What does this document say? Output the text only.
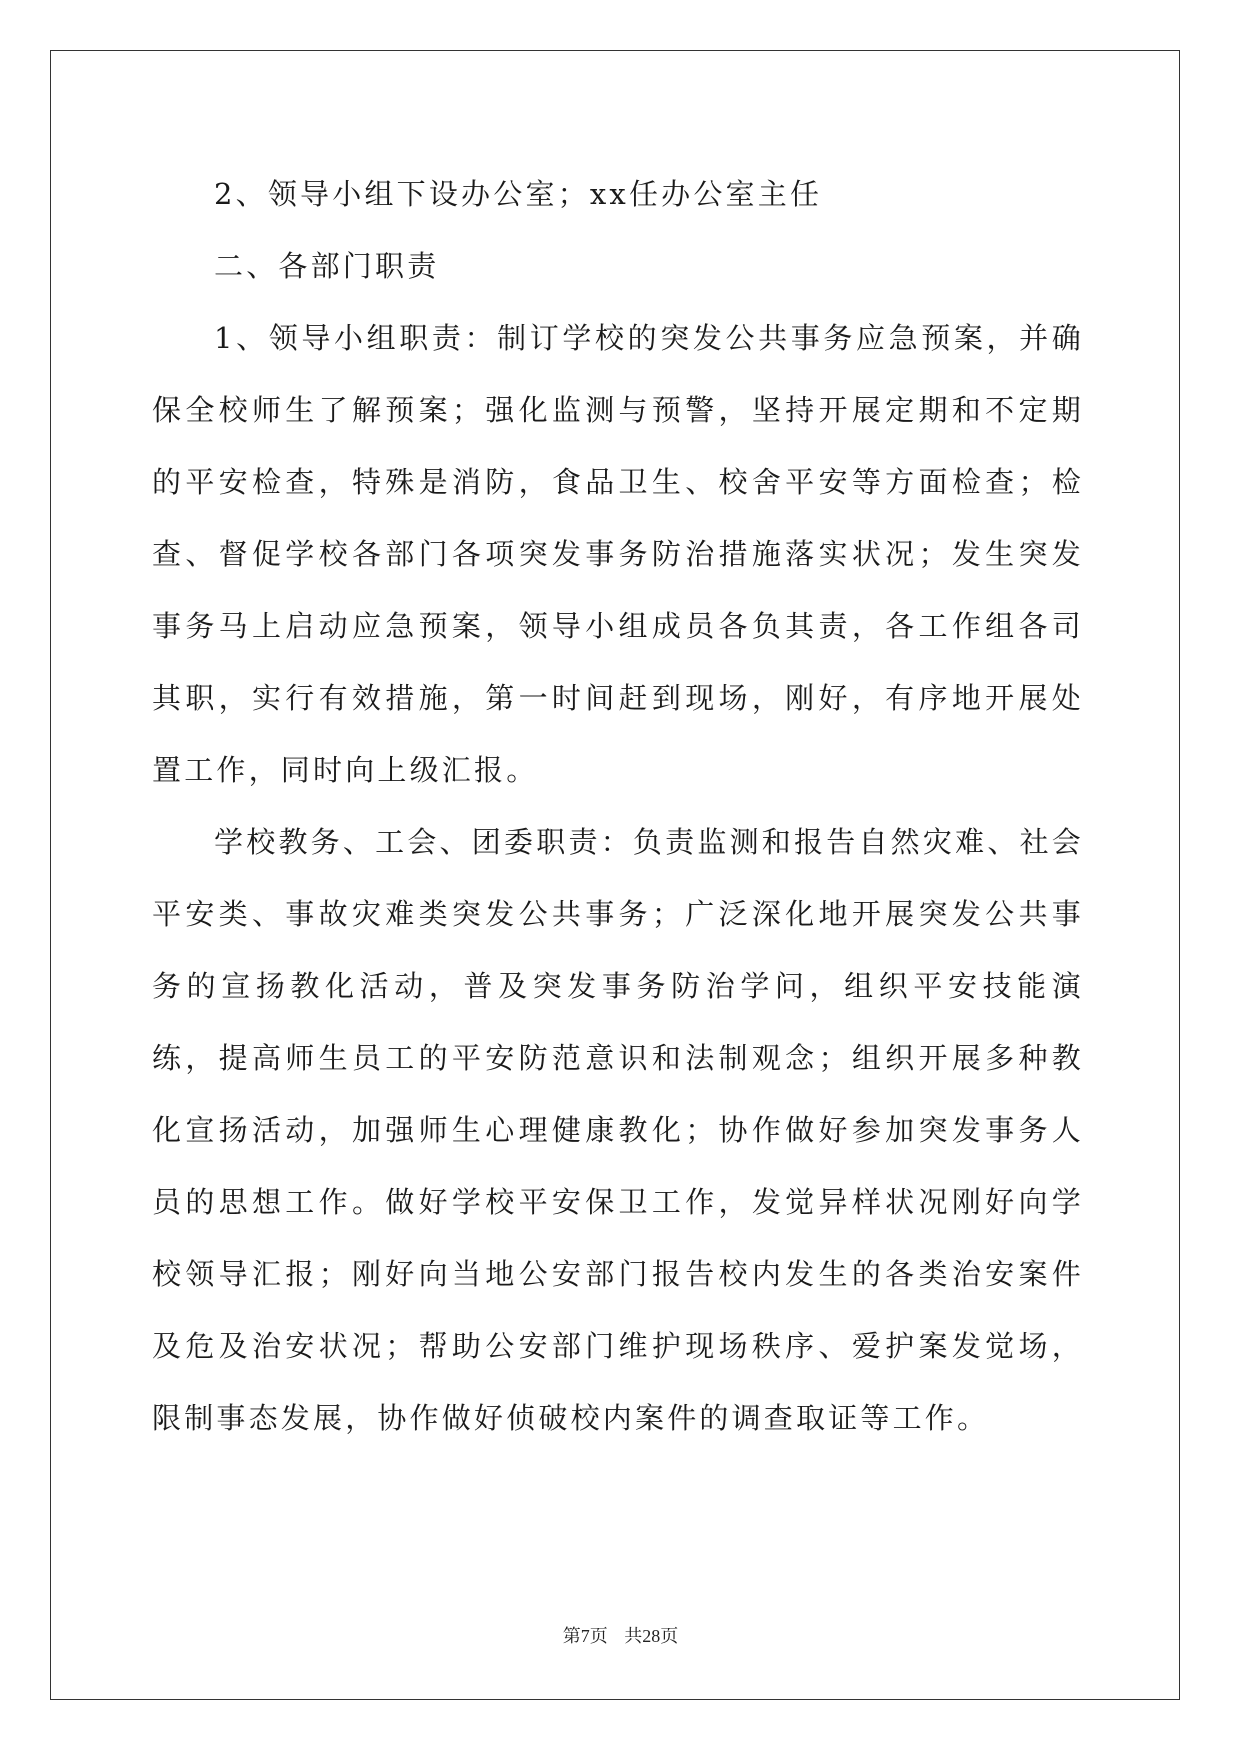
2、领导小组下设办公室；xx任办公室主任

二、各部门职责

1、领导小组职责：制订学校的突发公共事务应急预案，并确保全校师生了解预案；强化监测与预警，坚持开展定期和不定期的平安检查，特殊是消防，食品卫生、校舍平安等方面检查；检查、督促学校各部门各项突发事务防治措施落实状况；发生突发事务马上启动应急预案，领导小组成员各负其责，各工作组各司其职，实行有效措施，第一时间赶到现场，刚好，有序地开展处置工作，同时向上级汇报。

学校教务、工会、团委职责：负责监测和报告自然灾难、社会平安类、事故灾难类突发公共事务；广泛深化地开展突发公共事务的宣扬教化活动，普及突发事务防治学问，组织平安技能演练，提高师生员工的平安防范意识和法制观念；组织开展多种教化宣扬活动，加强师生心理健康教化；协作做好参加突发事务人员的思想工作。做好学校平安保卫工作，发觉异样状况刚好向学校领导汇报；刚好向当地公安部门报告校内发生的各类治安案件及危及治安状况；帮助公安部门维护现场秩序、爱护案发觉场，限制事态发展，协作做好侦破校内案件的调查取证等工作。

第7页 共28页
